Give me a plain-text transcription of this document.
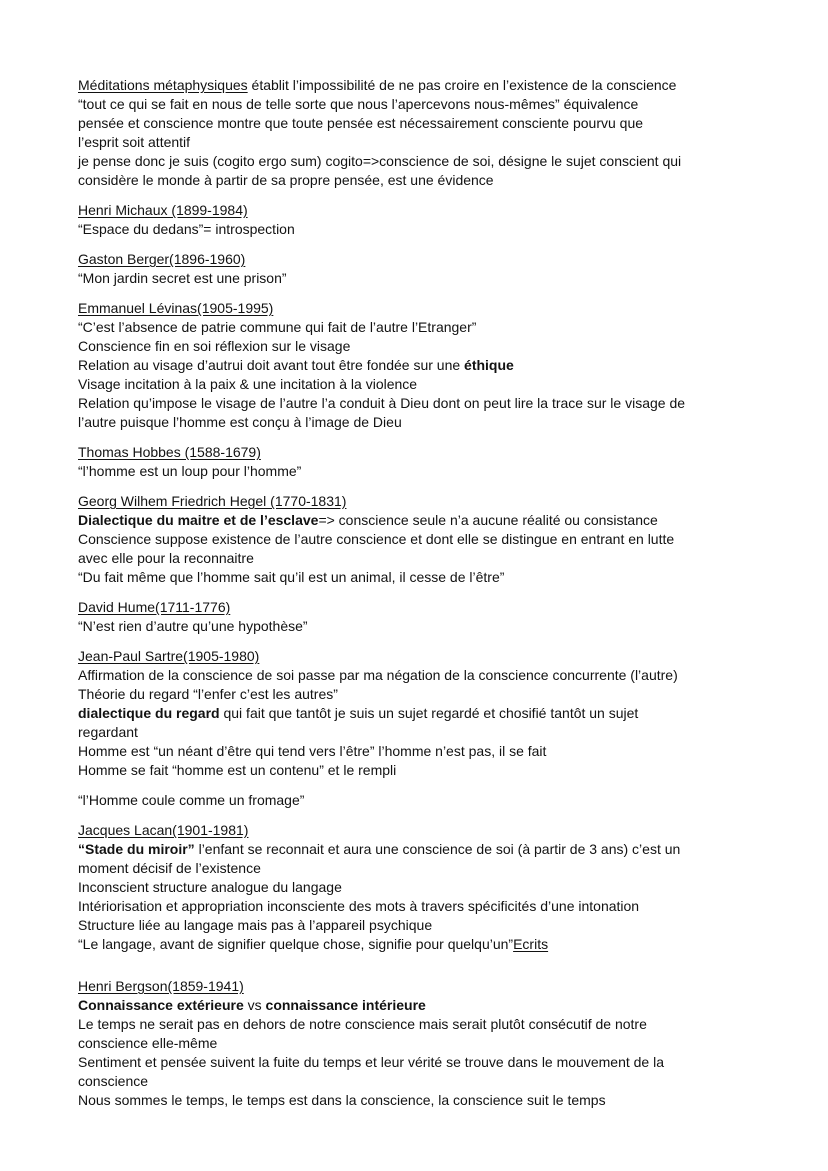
Méditations métaphysiques établit l’impossibilité de ne pas croire en l’existence de la conscience
“tout ce qui se fait en nous de telle sorte que nous l’apercevons nous-mêmes” équivalence
pensée et conscience montre que toute pensée est nécessairement consciente pourvu que
l’esprit soit attentif
je pense donc je suis (cogito ergo sum) cogito=>conscience de soi, désigne le sujet conscient qui
considère le monde à partir de sa propre pensée, est une évidence
Henri Michaux (1899-1984)
“Espace du dedans”= introspection
Gaston Berger(1896-1960)
“Mon jardin secret est une prison”
Emmanuel Lévinas(1905-1995)
“C’est l’absence de patrie commune qui fait de l’autre l’Etranger”
Conscience fin en soi réflexion sur le visage
Relation au visage d’autrui doit avant tout être fondée sur une éthique
Visage incitation à la paix & une incitation à la violence
Relation qu’impose le visage de l’autre l’a conduit à Dieu dont on peut lire la trace sur le visage de
l’autre puisque l’homme est conçu à l’image de Dieu
Thomas Hobbes (1588-1679)
“l’homme est un loup pour l’homme”
Georg Wilhem Friedrich Hegel (1770-1831)
Dialectique du maitre et de l’esclave=> conscience seule n’a aucune réalité ou consistance
Conscience suppose existence de l’autre conscience et dont elle se distingue en entrant en lutte
avec elle pour la reconnaitre
“Du fait même que l’homme sait qu’il est un animal, il cesse de l’être”
David Hume(1711-1776)
“N’est rien d’autre qu’une hypothèse”
Jean-Paul Sartre(1905-1980)
Affirmation de la conscience de soi passe par ma négation de la conscience concurrente (l’autre)
Théorie du regard “l’enfer c’est les autres”
dialectique du regard qui fait que tantôt je suis un sujet regardé et chosifié tantôt un sujet
regardant
Homme est “un néant d’être qui tend vers l’être” l’homme n’est pas, il se fait
Homme se fait “homme est un contenu” et le rempli
“l’Homme coule comme un fromage”
Jacques Lacan(1901-1981)
“Stade du miroir” l’enfant se reconnait et aura une conscience de soi (à partir de 3 ans) c’est un
moment décisif de l’existence
Inconscient structure analogue du langage
Intériorisation et appropriation inconsciente des mots à travers spécificités d’une intonation
Structure liée au langage mais pas à l’appareil psychique
“Le langage, avant de signifier quelque chose, signifie pour quelqu’un”Ecrits
Henri Bergson(1859-1941)
Connaissance extérieure vs connaissance intérieure
Le temps ne serait pas en dehors de notre conscience mais serait plutôt consécutif de notre
conscience elle-même
Sentiment et pensée suivent la fuite du temps et leur vérité se trouve dans le mouvement de la
conscience
Nous sommes le temps, le temps est dans la conscience, la conscience suit le temps
